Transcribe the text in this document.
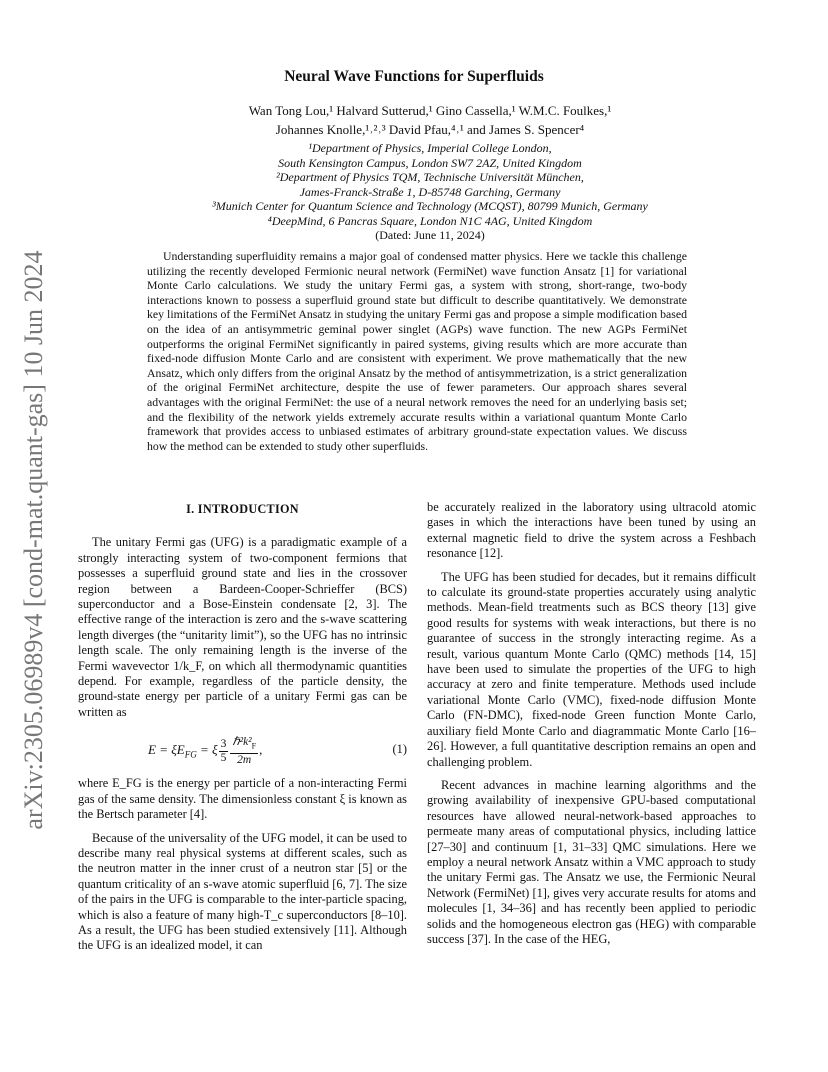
arXiv:2305.06989v4 [cond-mat.quant-gas] 10 Jun 2024
Neural Wave Functions for Superfluids
Wan Tong Lou,¹ Halvard Sutterud,¹ Gino Cassella,¹ W.M.C. Foulkes,¹
Johannes Knolle,¹˒²˒³ David Pfau,⁴˒¹ and James S. Spencer⁴
¹Department of Physics, Imperial College London,
South Kensington Campus, London SW7 2AZ, United Kingdom
²Department of Physics TQM, Technische Universität München,
James-Franck-Straße 1, D-85748 Garching, Germany
³Munich Center for Quantum Science and Technology (MCQST), 80799 Munich, Germany
⁴DeepMind, 6 Pancras Square, London N1C 4AG, United Kingdom
(Dated: June 11, 2024)
Understanding superfluidity remains a major goal of condensed matter physics. Here we tackle this challenge utilizing the recently developed Fermionic neural network (FermiNet) wave function Ansatz [1] for variational Monte Carlo calculations. We study the unitary Fermi gas, a system with strong, short-range, two-body interactions known to possess a superfluid ground state but difficult to describe quantitatively. We demonstrate key limitations of the FermiNet Ansatz in studying the unitary Fermi gas and propose a simple modification based on the idea of an antisymmetric geminal power singlet (AGPs) wave function. The new AGPs FermiNet outperforms the original FermiNet significantly in paired systems, giving results which are more accurate than fixed-node diffusion Monte Carlo and are consistent with experiment. We prove mathematically that the new Ansatz, which only differs from the original Ansatz by the method of antisymmetrization, is a strict generalization of the original FermiNet architecture, despite the use of fewer parameters. Our approach shares several advantages with the original FermiNet: the use of a neural network removes the need for an underlying basis set; and the flexibility of the network yields extremely accurate results within a variational quantum Monte Carlo framework that provides access to unbiased estimates of arbitrary ground-state expectation values. We discuss how the method can be extended to study other superfluids.
I. INTRODUCTION

The unitary Fermi gas (UFG) is a paradigmatic example of a strongly interacting system of two-component fermions that possesses a superfluid ground state and lies in the crossover region between a Bardeen-Cooper-Schrieffer (BCS) superconductor and a Bose-Einstein condensate [2, 3]. The effective range of the interaction is zero and the s-wave scattering length diverges (the “unitarity limit”), so the UFG has no intrinsic length scale. The only remaining length is the inverse of the Fermi wavevector 1/k_F, on which all thermodynamic quantities depend. For example, regardless of the particle density, the ground-state energy per particle of a unitary Fermi gas can be written as

$E = \xi E_{FG} = \xi \frac{3}{5} \frac{\hbar^2k^2_F}{2m}$ ,	(1)

where E_FG is the energy per particle of a non-interacting Fermi gas of the same density. The dimensionless constant ξ is known as the Bertsch parameter [4].

Because of the universality of the UFG model, it can be used to describe many real physical systems at different scales, such as the neutron matter in the inner crust of a neutron star [5] or the quantum criticality of an s-wave atomic superfluid [6, 7]. The size of the pairs in the UFG is comparable to the inter-particle spacing, which is also a feature of many high-T_c superconductors [8–10]. As a result, the UFG has been studied extensively [11]. Although the UFG is an idealized model, it can

be accurately realized in the laboratory using ultracold atomic gases in which the interactions have been tuned by using an external magnetic field to drive the system across a Feshbach resonance [12].

The UFG has been studied for decades, but it remains difficult to calculate its ground-state properties accurately using analytic methods. Mean-field treatments such as BCS theory [13] give good results for systems with weak interactions, but there is no guarantee of success in the strongly interacting regime. As a result, various quantum Monte Carlo (QMC) methods [14, 15] have been used to simulate the properties of the UFG to high accuracy at zero and finite temperature. Methods used include variational Monte Carlo (VMC), fixed-node diffusion Monte Carlo (FN-DMC), fixed-node Green function Monte Carlo, auxiliary field Monte Carlo and diagrammatic Monte Carlo [16–26]. However, a full quantitative description remains an open and challenging problem.

Recent advances in machine learning algorithms and the growing availability of inexpensive GPU-based computational resources have allowed neural-network-based approaches to permeate many areas of computational physics, including lattice [27–30] and continuum [1, 31–33] QMC simulations. Here we employ a neural network Ansatz within a VMC approach to study the unitary Fermi gas. The Ansatz we use, the Fermionic Neural Network (FermiNet) [1], gives very accurate results for atoms and molecules [1, 34–36] and has recently been applied to periodic solids and the homogeneous electron gas (HEG) with comparable success [37]. In the case of the HEG,
